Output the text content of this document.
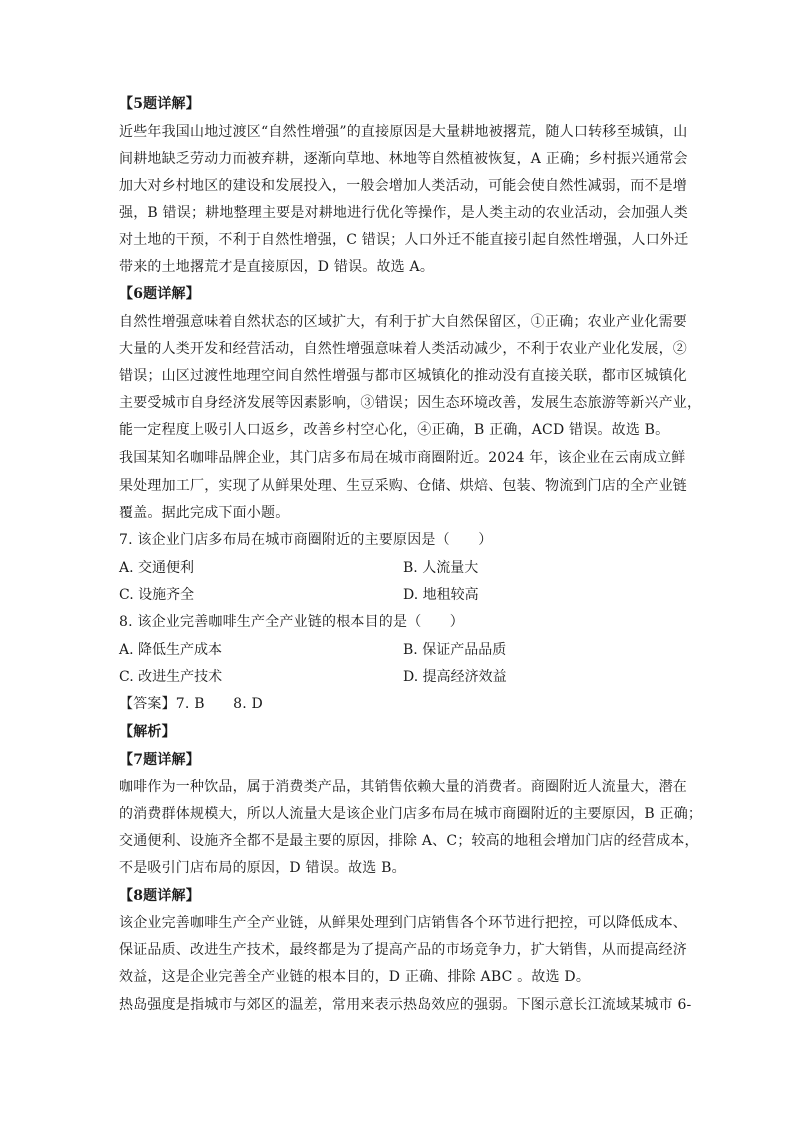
【5题详解】
近些年我国山地过渡区“自然性增强”的直接原因是大量耕地被撂荒，随人口转移至城镇，山
间耕地缺乏劳动力而被弃耕，逐渐向草地、林地等自然植被恢复，A 正确；乡村振兴通常会
加大对乡村地区的建设和发展投入，一般会增加人类活动，可能会使自然性减弱，而不是增
强，B 错误；耕地整理主要是对耕地进行优化等操作，是人类主动的农业活动，会加强人类
对土地的干预，不利于自然性增强，C 错误；人口外迁不能直接引起自然性增强，人口外迁
带来的土地撂荒才是直接原因，D 错误。故选 A。
【6题详解】
自然性增强意味着自然状态的区域扩大，有利于扩大自然保留区，①正确；农业产业化需要
大量的人类开发和经营活动，自然性增强意味着人类活动减少，不利于农业产业化发展，②
错误；山区过渡性地理空间自然性增强与都市区城镇化的推动没有直接关联，都市区城镇化
主要受城市自身经济发展等因素影响，③错误；因生态环境改善，发展生态旅游等新兴产业，
能一定程度上吸引人口返乡，改善乡村空心化，④正确，B 正确，ACD 错误。故选 B。
我国某知名咖啡品牌企业，其门店多布局在城市商圈附近。2024 年，该企业在云南成立鲜
果处理加工厂，实现了从鲜果处理、生豆采购、仓储、烘焙、包装、物流到门店的全产业链
覆盖。据此完成下面小题。
7. 该企业门店多布局在城市商圈附近的主要原因是（　　）
A. 交通便利	B. 人流量大
C. 设施齐全	D. 地租较高
8. 该企业完善咖啡生产全产业链的根本目的是（　　）
A. 降低生产成本	B. 保证产品品质
C. 改进生产技术	D. 提高经济效益
【答案】7. B　　8. D
【解析】
【7题详解】
咖啡作为一种饮品，属于消费类产品，其销售依赖大量的消费者。商圈附近人流量大，潜在
的消费群体规模大，所以人流量大是该企业门店多布局在城市商圈附近的主要原因，B 正确；
交通便利、设施齐全都不是最主要的原因，排除 A、C；较高的地租会增加门店的经营成本，
不是吸引门店布局的原因，D 错误。故选 B。
【8题详解】
该企业完善咖啡生产全产业链，从鲜果处理到门店销售各个环节进行把控，可以降低成本、
保证品质、改进生产技术，最终都是为了提高产品的市场竞争力，扩大销售，从而提高经济
效益，这是企业完善全产业链的根本目的，D 正确、排除 ABC 。故选 D。
热岛强度是指城市与郊区的温差，常用来表示热岛效应的强弱。下图示意长江流域某城市 6-
